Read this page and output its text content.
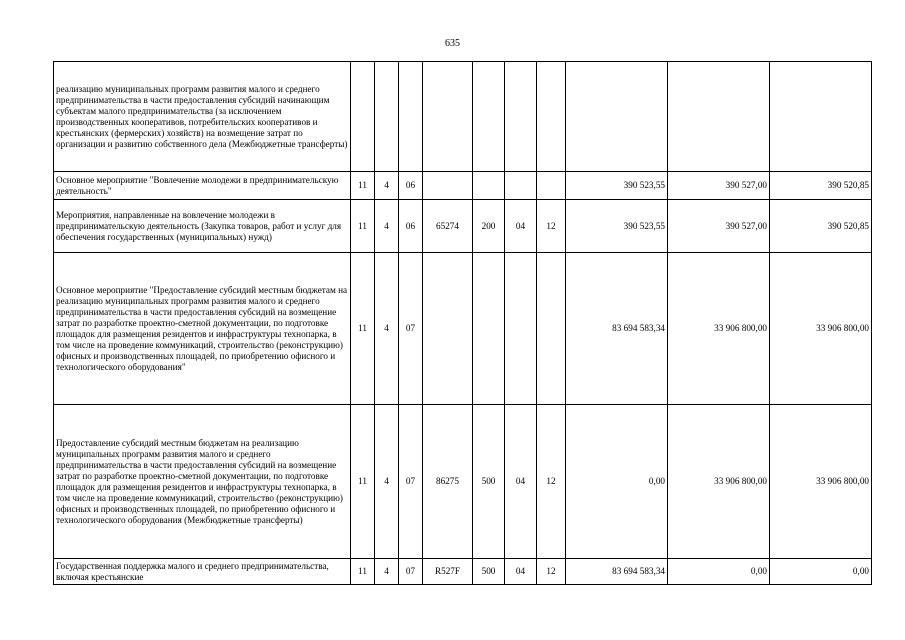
635
реализацию муниципальных программ развития малого и среднего предпринимательства в части предоставления субсидий начинающим субъектам малого предпринимательства (за исключением производственных кооперативов, потребительских кооперативов и крестьянских (фермерских) хозяйств) на возмещение затрат по организации и развитию собственного дела (Межбюджетные трансферты)										
Основное мероприятие "Вовлечение молодежи в предпринимательскую деятельность"	11	4	06					390 523,55	390 527,00	390 520,85
Мероприятия, направленные на вовлечение молодежи в предпринимательскую деятельность (Закупка товаров, работ и услуг для обеспечения государственных (муниципальных) нужд)	11	4	06	65274	200	04	12	390 523,55	390 527,00	390 520,85
Основное мероприятие "Предоставление субсидий местным бюджетам на реализацию муниципальных программ развития малого и среднего предпринимательства в части предоставления субсидий на возмещение затрат по разработке проектно-сметной документации, по подготовке площадок для размещения резидентов и инфраструктуры технопарка, в том числе на проведение коммуникаций, строительство (реконструкцию) офисных и производственных площадей, по приобретению офисного и технологического оборудования"	11	4	07					83 694 583,34	33 906 800,00	33 906 800,00
Предоставление субсидий местным бюджетам на реализацию муниципальных программ развития малого и среднего предпринимательства в части предоставления субсидий на возмещение затрат по разработке проектно-сметной документации, по подготовке площадок для размещения резидентов и инфраструктуры технопарка, в том числе на проведение коммуникаций, строительство (реконструкцию) офисных и производственных площадей, по приобретению офисного и технологического оборудования (Межбюджетные трансферты)	11	4	07	86275	500	04	12	0,00	33 906 800,00	33 906 800,00
Государственная поддержка малого и среднего предпринимательства, включая крестьянские	11	4	07	R527F	500	04	12	83 694 583,34	0,00	0,00
